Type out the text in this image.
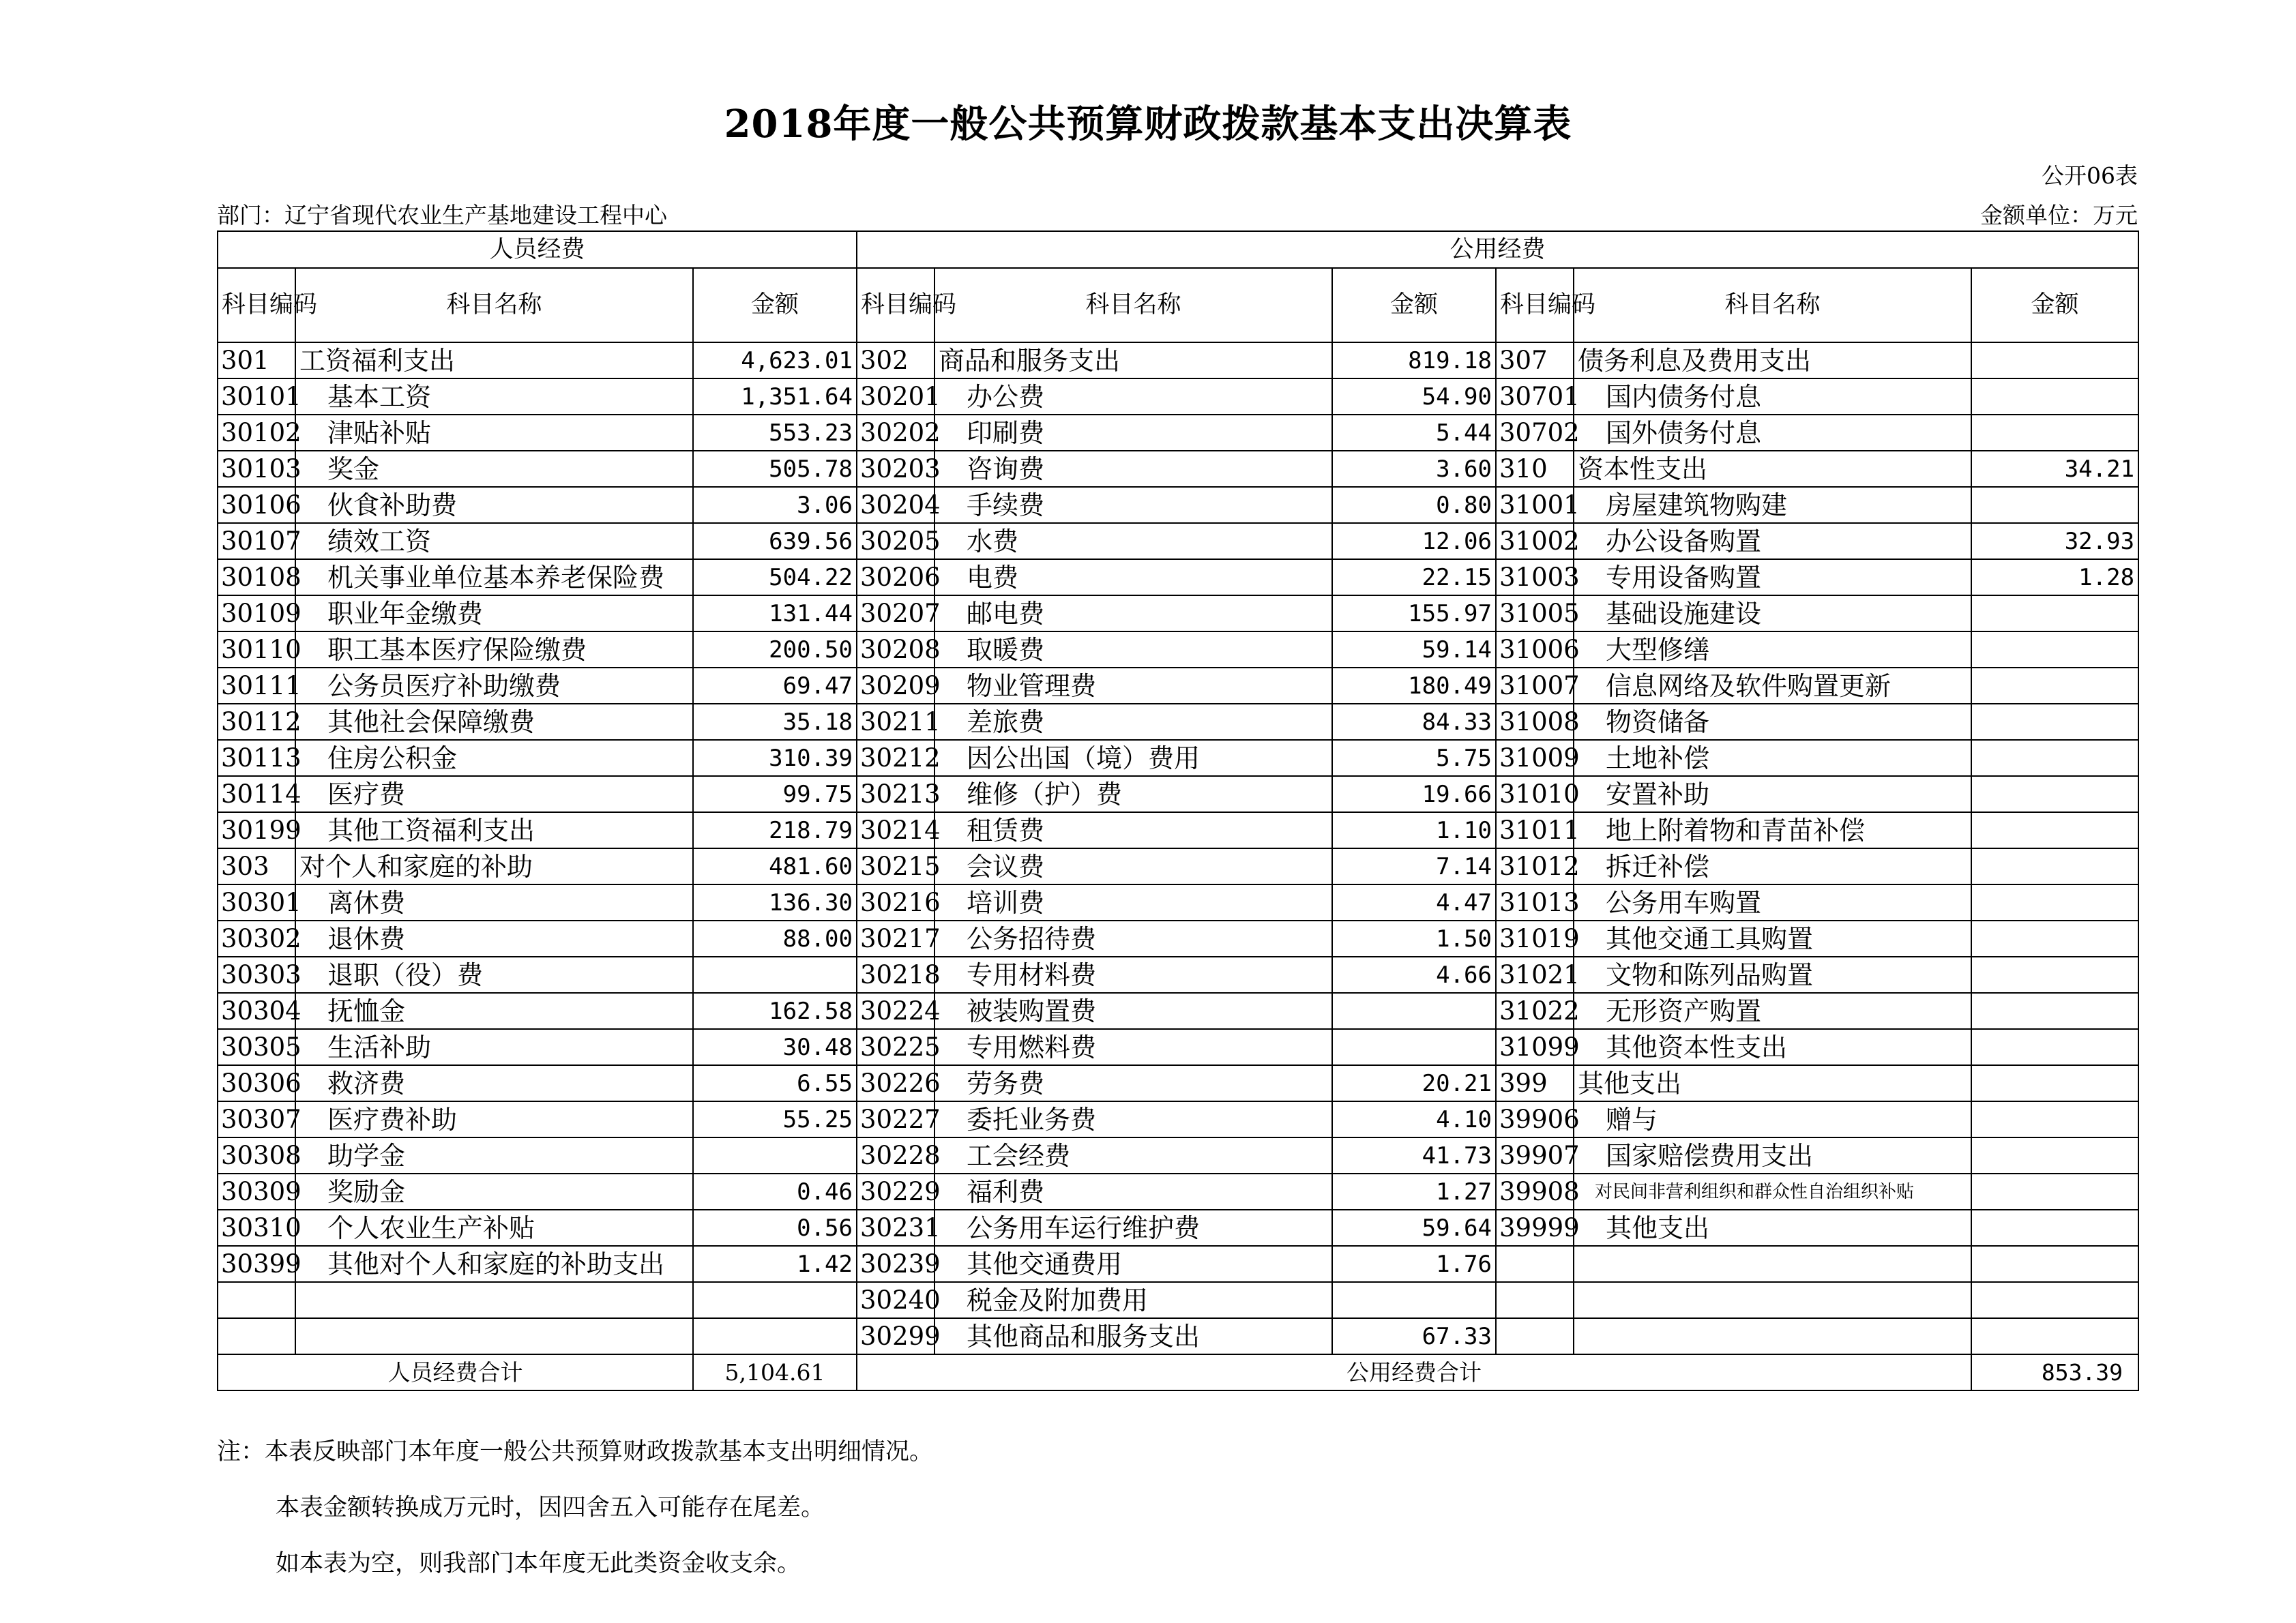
2018年度一般公共预算财政拨款基本支出决算表
公开06表
部门：辽宁省现代农业生产基地建设工程中心	金额单位：万元
人员经费			公用经费					
科目编码	科目名称	金额	科目编码	科目名称	金额	科目编码	科目名称	金额
301	工资福利支出	4,623.01	302	商品和服务支出	819.18	307	债务利息及费用支出	
30101	基本工资	1,351.64	30201	办公费	54.90	30701	国内债务付息	
30102	津贴补贴	553.23	30202	印刷费	5.44	30702	国外债务付息	
30103	奖金	505.78	30203	咨询费	3.60	310	资本性支出	34.21
30106	伙食补助费	3.06	30204	手续费	0.80	31001	房屋建筑物购建	
30107	绩效工资	639.56	30205	水费	12.06	31002	办公设备购置	32.93
30108	机关事业单位基本养老保险费	504.22	30206	电费	22.15	31003	专用设备购置	1.28
30109	职业年金缴费	131.44	30207	邮电费	155.97	31005	基础设施建设	
30110	职工基本医疗保险缴费	200.50	30208	取暖费	59.14	31006	大型修缮	
30111	公务员医疗补助缴费	69.47	30209	物业管理费	180.49	31007	信息网络及软件购置更新	
30112	其他社会保障缴费	35.18	30211	差旅费	84.33	31008	物资储备	
30113	住房公积金	310.39	30212	因公出国（境）费用	5.75	31009	土地补偿	
30114	医疗费	99.75	30213	维修（护）费	19.66	31010	安置补助	
30199	其他工资福利支出	218.79	30214	租赁费	1.10	31011	地上附着物和青苗补偿	
303	对个人和家庭的补助	481.60	30215	会议费	7.14	31012	拆迁补偿	
30301	离休费	136.30	30216	培训费	4.47	31013	公务用车购置	
30302	退休费	88.00	30217	公务招待费	1.50	31019	其他交通工具购置	
30303	退职（役）费		30218	专用材料费	4.66	31021	文物和陈列品购置	
30304	抚恤金	162.58	30224	被装购置费		31022	无形资产购置	
30305	生活补助	30.48	30225	专用燃料费		31099	其他资本性支出	
30306	救济费	6.55	30226	劳务费	20.21	399	其他支出	
30307	医疗费补助	55.25	30227	委托业务费	4.10	39906	赠与	
30308	助学金		30228	工会经费	41.73	39907	国家赔偿费用支出	
30309	奖励金	0.46	30229	福利费	1.27	39908	对民间非营利组织和群众性自治组织补贴	
30310	个人农业生产补贴	0.56	30231	公务用车运行维护费	59.64	39999	其他支出	
30399	其他对个人和家庭的补助支出	1.42	30239	其他交通费用	1.76			
			30240	税金及附加费用				
			30299	其他商品和服务支出	67.33			
人员经费合计		5,104.61	公用经费合计					853.39

注：本表反映部门本年度一般公共预算财政拨款基本支出明细情况。

本表金额转换成万元时，因四舍五入可能存在尾差。

如本表为空，则我部门本年度无此类资金收支余。
